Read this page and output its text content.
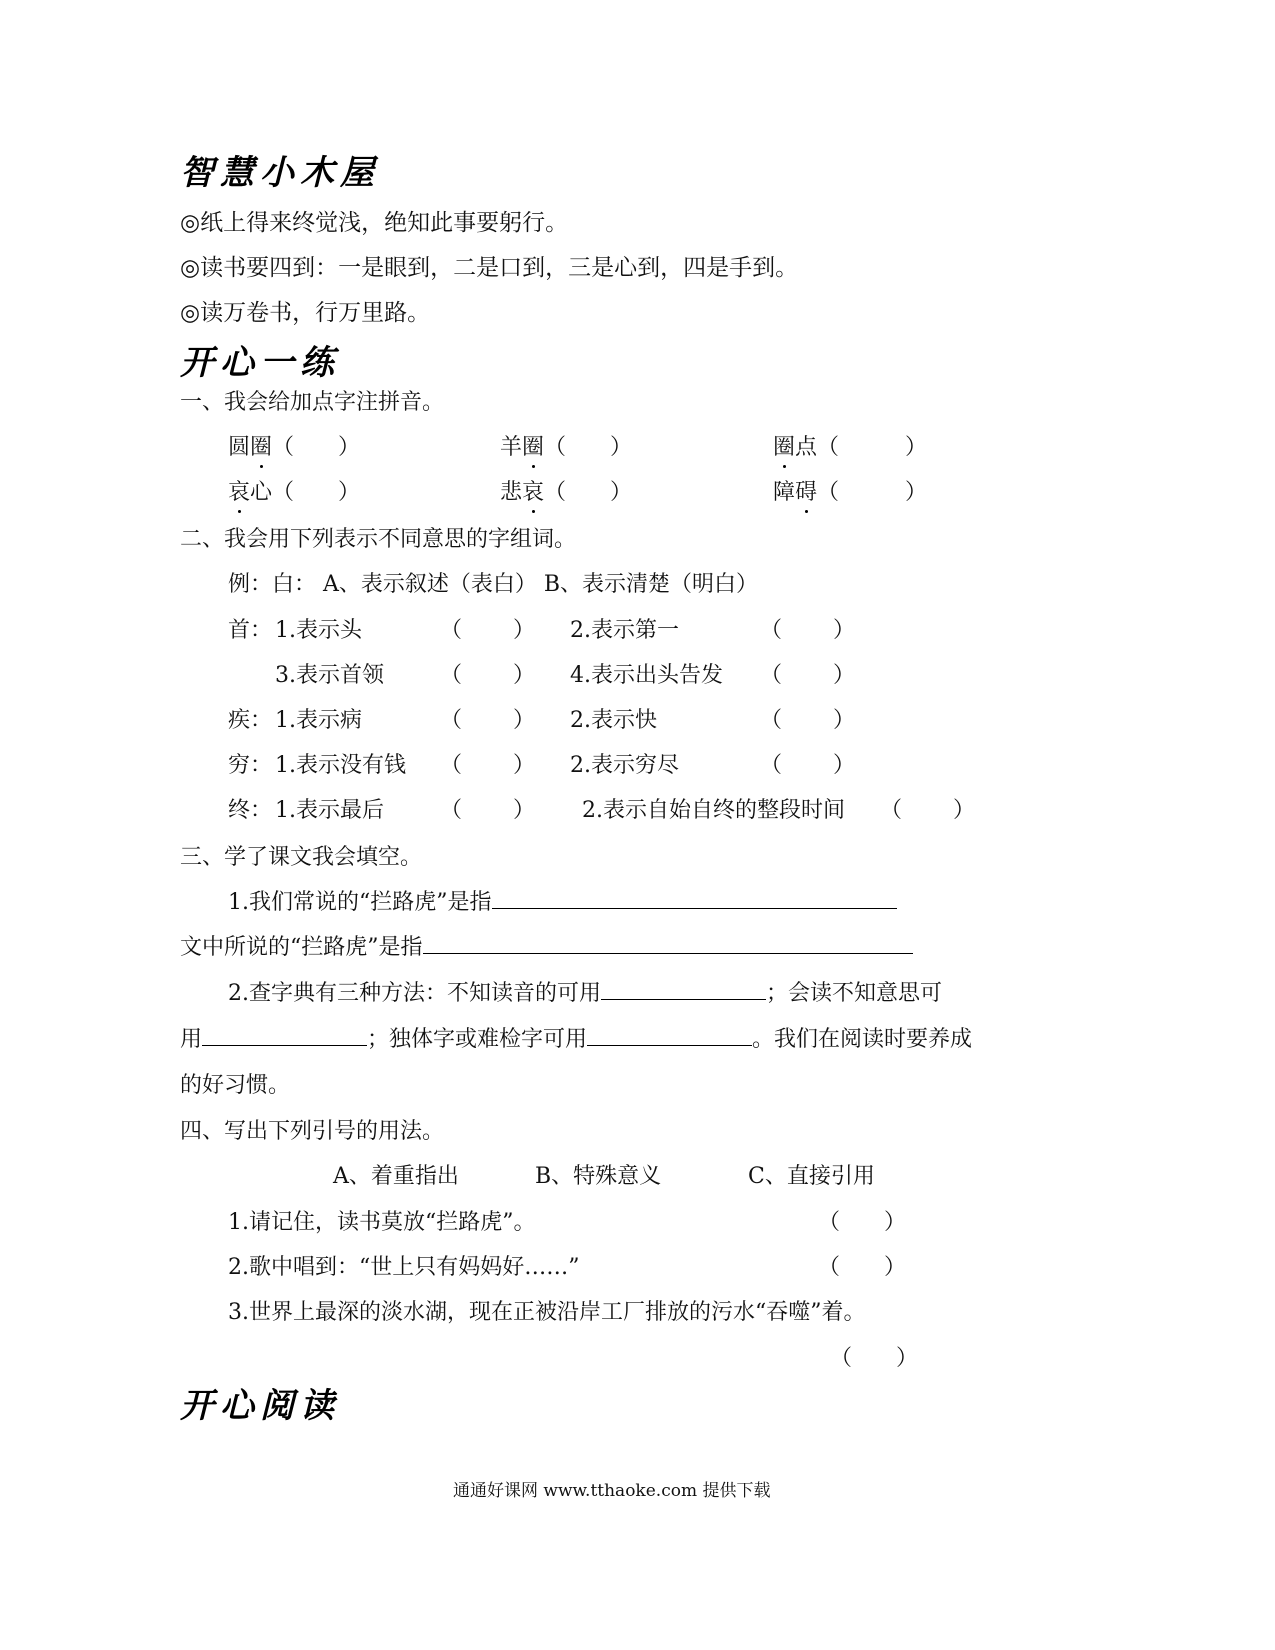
智慧小木屋
◎纸上得来终觉浅，绝知此事要躬行。
◎读书要四到：一是眼到，二是口到，三是心到，四是手到。
◎读万卷书，行万里路。
开心一练
一、我会给加点字注拼音。
圆圈（　　）	羊圈（　　）	圈点（　　　）
哀心（　　）	悲哀（　　）	障碍（　　　）
二、我会用下列表示不同意思的字组词。
例：白： A、表示叙述（表白） B、表示清楚（明白）
首： 1.表示头	（　　 ） 2.表示第一	（　　 ）
3.表示首领	（　　 ） 4.表示出头告发 （　　 ）
疾： 1.表示病	（　　 ） 2.表示快	（　　 ）
穷： 1.表示没有钱 （　　 ） 2.表示穷尽	（　　 ）
终： 1.表示最后	（　　 ） 2.表示自始自终的整段时间 （　　 ）
三、学了课文我会填空。
1.我们常说的“拦路虎”是指
文中所说的“拦路虎”是指
2.查字典有三种方法：不知读音的可用	；会读不知意思可
用	；独体字或难检字可用	。我们在阅读时要养成
的好习惯。
四、写出下列引号的用法。
A、着重指出	B、特殊意义	C、直接引用
1.请记住，读书莫放“拦路虎”。	（　　）
2.歌中唱到：“世上只有妈妈好……”	（　　）
3.世界上最深的淡水湖，现在正被沿岸工厂排放的污水“吞噬”着。
（　　）
开心阅读
通通好课网 www.tthaoke.com 提供下载
